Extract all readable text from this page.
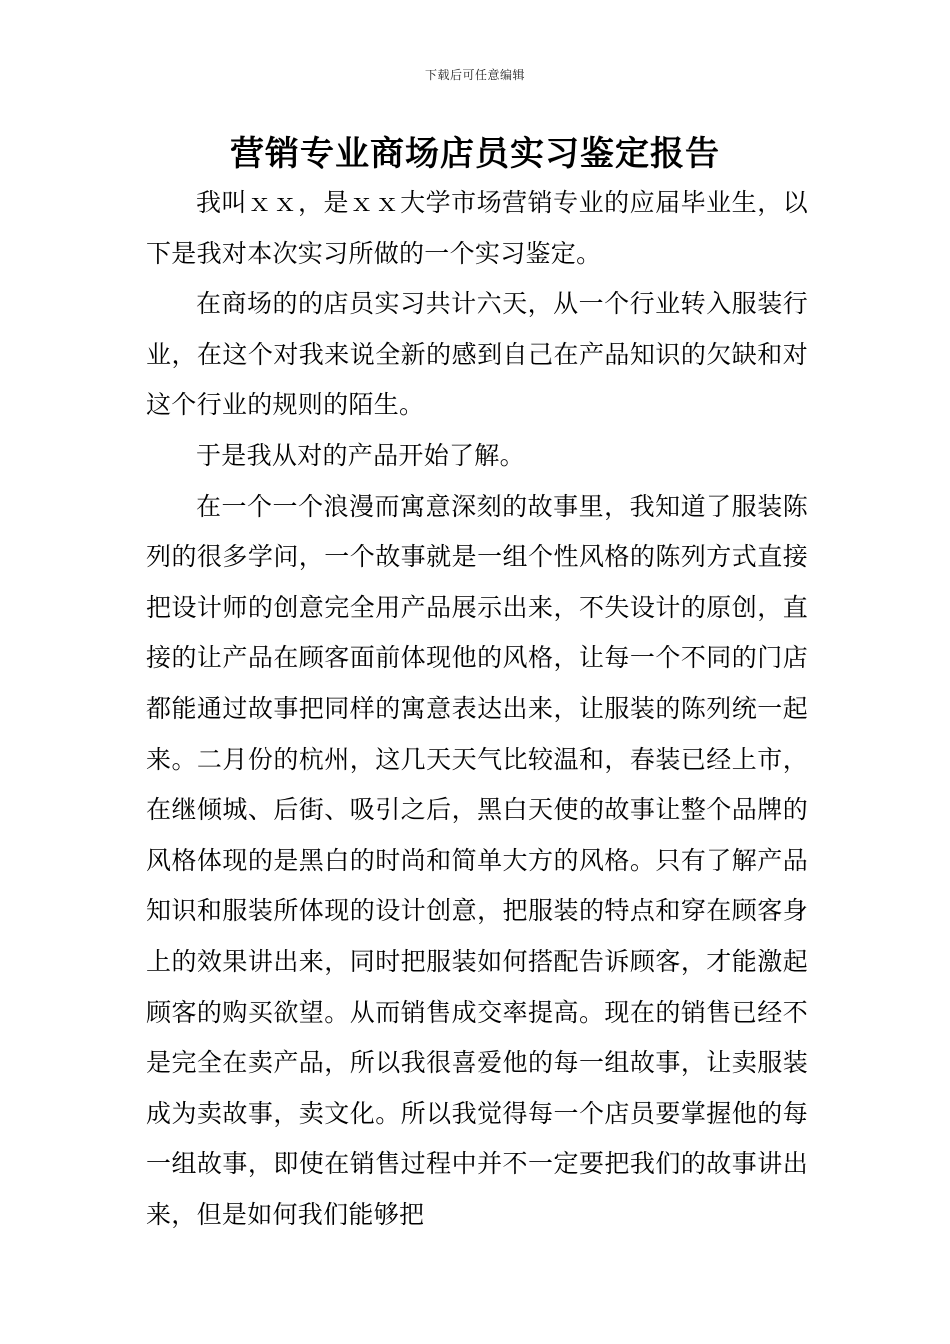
下载后可任意编辑
营销专业商场店员实习鉴定报告

我叫ｘｘ，是ｘｘ大学市场营销专业的应届毕业生，以下是我对本次实习所做的一个实习鉴定。

在商场的的店员实习共计六天，从一个行业转入服装行业，在这个对我来说全新的感到自己在产品知识的欠缺和对这个行业的规则的陌生。

于是我从对的产品开始了解。

在一个一个浪漫而寓意深刻的故事里，我知道了服装陈列的很多学问，一个故事就是一组个性风格的陈列方式直接把设计师的创意完全用产品展示出来，不失设计的原创，直接的让产品在顾客面前体现他的风格，让每一个不同的门店都能通过故事把同样的寓意表达出来，让服装的陈列统一起来。二月份的杭州，这几天天气比较温和，春装已经上市，在继倾城、后街、吸引之后，黑白天使的故事让整个品牌的风格体现的是黑白的时尚和简单大方的风格。只有了解产品知识和服装所体现的设计创意，把服装的特点和穿在顾客身上的效果讲出来，同时把服装如何搭配告诉顾客，才能激起顾客的购买欲望。从而销售成交率提高。现在的销售已经不是完全在卖产品，所以我很喜爱他的每一组故事，让卖服装成为卖故事，卖文化。所以我觉得每一个店员要掌握他的每一组故事，即使在销售过程中并不一定要把我们的故事讲出来，但是如何我们能够把
